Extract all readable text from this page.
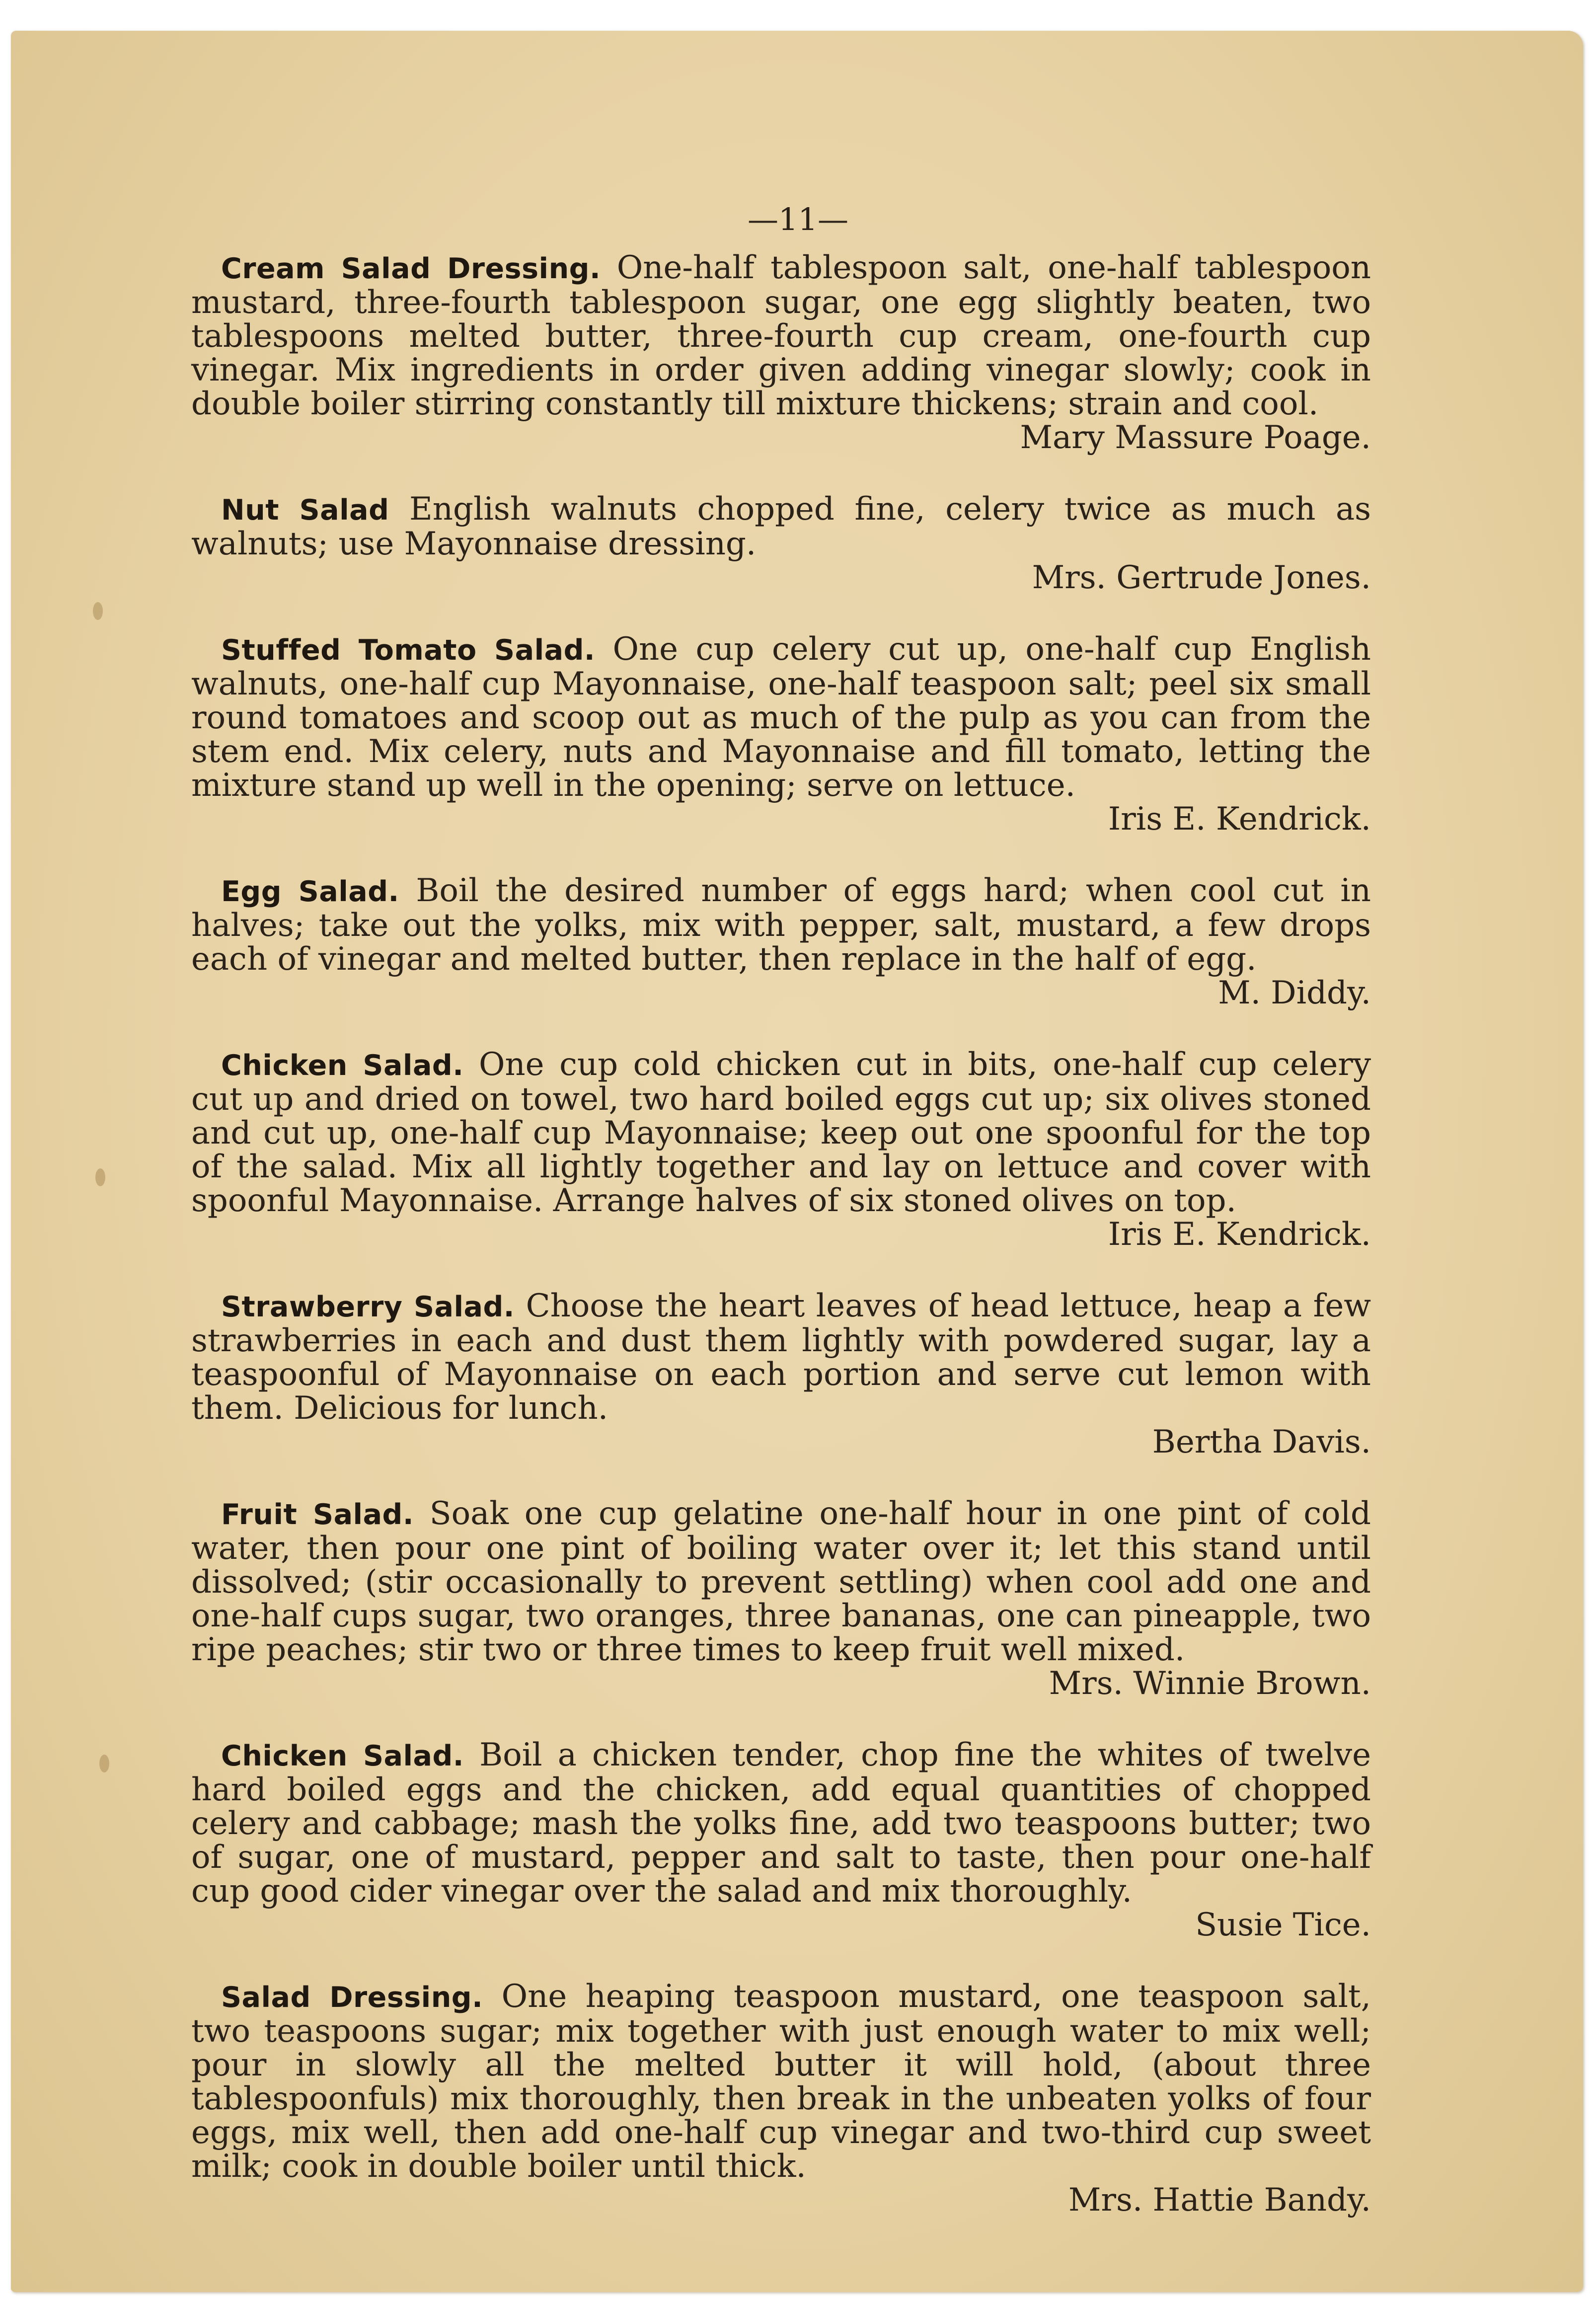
—11—

Cream Salad Dressing. One-half tablespoon salt, one-half tablespoon mustard, three-fourth tablespoon sugar, one egg slightly beaten, two tablespoons melted butter, three-fourth cup cream, one-fourth cup vinegar. Mix ingredients in order given adding vinegar slowly; cook in double boiler stirring constantly till mixture thickens; strain and cool.

Mary Massure Poage.

Nut Salad English walnuts chopped fine, celery twice as much as walnuts; use Mayonnaise dressing.

Mrs. Gertrude Jones.

Stuffed Tomato Salad. One cup celery cut up, one-half cup English walnuts, one-half cup Mayonnaise, one-half teaspoon salt; peel six small round tomatoes and scoop out as much of the pulp as you can from the stem end. Mix celery, nuts and Mayonnaise and fill tomato, letting the mixture stand up well in the opening; serve on lettuce.

Iris E. Kendrick.

Egg Salad. Boil the desired number of eggs hard; when cool cut in halves; take out the yolks, mix with pepper, salt, mustard, a few drops each of vinegar and melted butter, then replace in the half of egg.

M. Diddy.

Chicken Salad. One cup cold chicken cut in bits, one-half cup celery cut up and dried on towel, two hard boiled eggs cut up; six olives stoned and cut up, one-half cup Mayonnaise; keep out one spoonful for the top of the salad. Mix all lightly together and lay on lettuce and cover with spoonful Mayonnaise. Arrange halves of six stoned olives on top.

Iris E. Kendrick.

Strawberry Salad. Choose the heart leaves of head lettuce, heap a few strawberries in each and dust them lightly with powdered sugar, lay a teaspoonful of Mayonnaise on each portion and serve cut lemon with them. Delicious for lunch.

Bertha Davis.

Fruit Salad. Soak one cup gelatine one-half hour in one pint of cold water, then pour one pint of boiling water over it; let this stand until dissolved; (stir occasionally to prevent settling) when cool add one and one-half cups sugar, two oranges, three bananas, one can pineapple, two ripe peaches; stir two or three times to keep fruit well mixed.

Mrs. Winnie Brown.

Chicken Salad. Boil a chicken tender, chop fine the whites of twelve hard boiled eggs and the chicken, add equal quantities of chopped celery and cabbage; mash the yolks fine, add two teaspoons butter; two of sugar, one of mustard, pepper and salt to taste, then pour one-half cup good cider vinegar over the salad and mix thoroughly.

Susie Tice.

Salad Dressing. One heaping teaspoon mustard, one teaspoon salt, two teaspoons sugar; mix together with just enough water to mix well; pour in slowly all the melted butter it will hold, (about three tablespoonfuls) mix thoroughly, then break in the unbeaten yolks of four eggs, mix well, then add one-half cup vinegar and two-third cup sweet milk; cook in double boiler until thick.

Mrs. Hattie Bandy.
